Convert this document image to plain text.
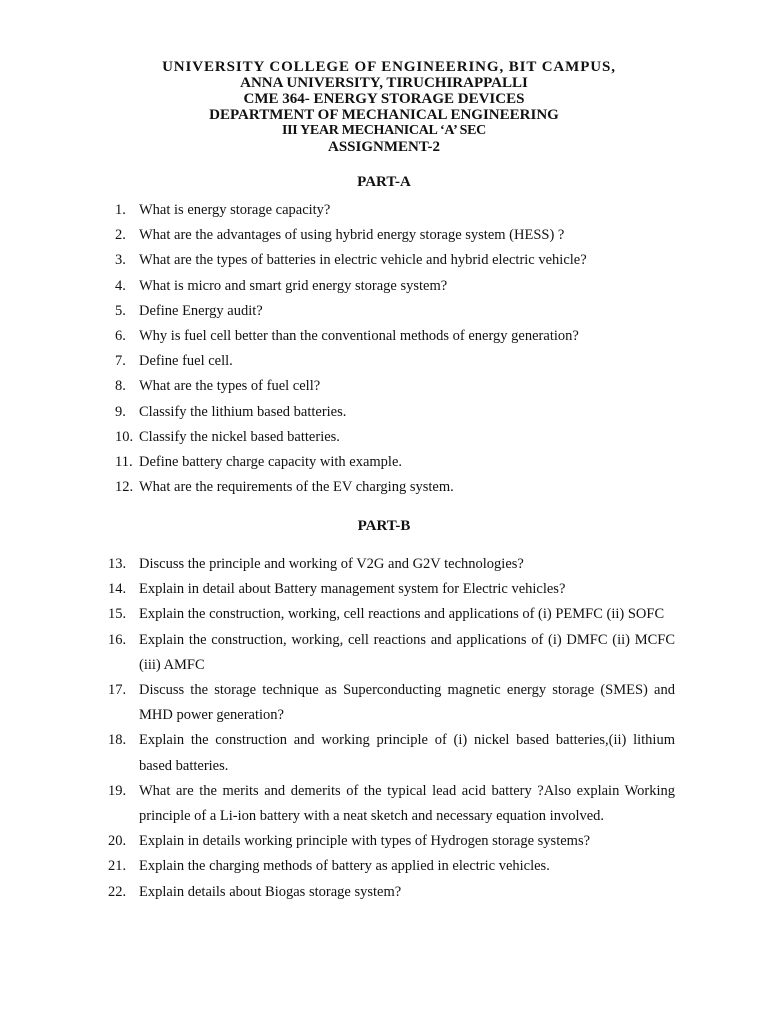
UNIVERSITY COLLEGE OF ENGINEERING, BIT CAMPUS,
ANNA UNIVERSITY, TIRUCHIRAPPALLI
CME 364- ENERGY STORAGE DEVICES
DEPARTMENT OF MECHANICAL ENGINEERING
III YEAR MECHANICAL ‘A’ SEC
ASSIGNMENT-2
PART-A
1. What is energy storage capacity?
2. What are the advantages of using hybrid energy storage system (HESS) ?
3. What are the types of batteries in electric vehicle and hybrid electric vehicle?
4. What is micro and smart grid energy storage system?
5. Define Energy audit?
6. Why is fuel cell better than the conventional methods of energy generation?
7. Define fuel cell.
8. What are the types of fuel cell?
9. Classify the lithium based batteries.
10. Classify the nickel based batteries.
11. Define battery charge capacity with example.
12. What are the requirements of the EV charging system.
PART-B
13. Discuss the principle and working of V2G and G2V technologies?
14. Explain in detail about Battery management system for Electric vehicles?
15. Explain the construction, working, cell reactions and applications of (i) PEMFC (ii) SOFC
16. Explain the construction, working, cell reactions and applications of (i) DMFC (ii) MCFC (iii) AMFC
17. Discuss the storage technique as Superconducting magnetic energy storage (SMES) and MHD power generation?
18. Explain the construction and working principle of (i) nickel based batteries,(ii) lithium based batteries.
19. What are the merits and demerits of the typical lead acid battery ?Also explain Working principle of a Li-ion battery with a neat sketch and necessary equation involved.
20. Explain in details working principle with types of Hydrogen storage systems?
21. Explain the charging methods of battery as applied in electric vehicles.
22. Explain details about Biogas storage system?
